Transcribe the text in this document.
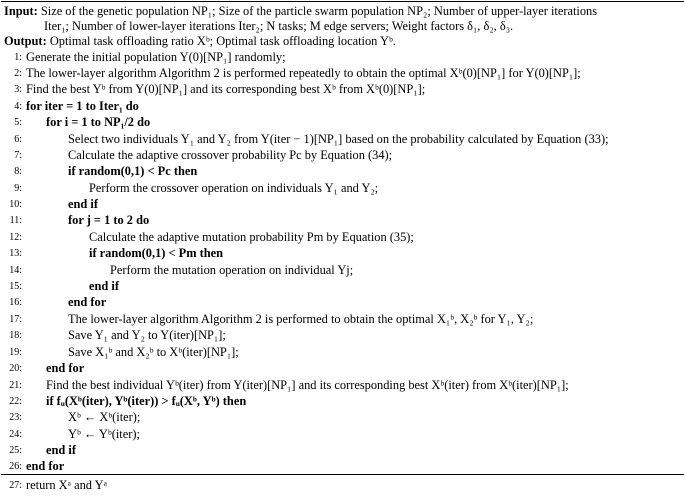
Input: Size of the genetic population NP₁; Size of the particle swarm population NP₂; Number of upper-layer iterations
Iter₁; Number of lower-layer iterations Iter₂; N tasks; M edge servers; Weight factors δ₁, δ₂, δ₃.
Output: Optimal task offloading ratio Xᵇ; Optimal task offloading location Yᵇ.
1: Generate the initial population Y(0)[NP₁] randomly;
2: The lower-layer algorithm Algorithm 2 is performed repeatedly to obtain the optimal Xᵇ(0)[NP₁] for Y(0)[NP₁];
3: Find the best Yᵇ from Y(0)[NP₁] and its corresponding best Xᵇ from Xᵇ(0)[NP₁];
4: for iter = 1 to Iter₁ do
5: for i = 1 to NP₁/2 do
6:	Select two individuals Y₁ and Y₂ from Y(iter − 1)[NP₁] based on the probability calculated by Equation (33);
7:	Calculate the adaptive crossover probability Pc by Equation (34);
8:	if random(0,1) < Pc then
9:	Perform the crossover operation on individuals Y₁ and Y₂;
10:	end if
11:	for j = 1 to 2 do
12:	Calculate the adaptive mutation probability Pm by Equation (35);
13:	if random(0,1) < Pm then
14:	Perform the mutation operation on individual Yj;
15:	end if
16:	end for
17:	The lower-layer algorithm Algorithm 2 is performed to obtain the optimal X₁ᵇ, X₂ᵇ for Y₁, Y₂;
18:	Save Y₁ and Y₂ to Y(iter)[NP₁];
19:	Save X₁ᵇ and X₂ᵇ to Xᵇ(iter)[NP₁];
20: end for
21: Find the best individual Yᵇ(iter) from Y(iter)[NP₁] and its corresponding best Xᵇ(iter) from Xᵇ(iter)[NP₁];
22: if fᵤ(Xᵇ(iter), Yᵇ(iter)) > fᵤ(Xᵇ, Yᵇ) then
23:	Xᵇ ← Xᵇ(iter);
24:	Yᵇ ← Yᵇ(iter);
25: end if
26: end for
27: return Xᵃ and Yᵃ
